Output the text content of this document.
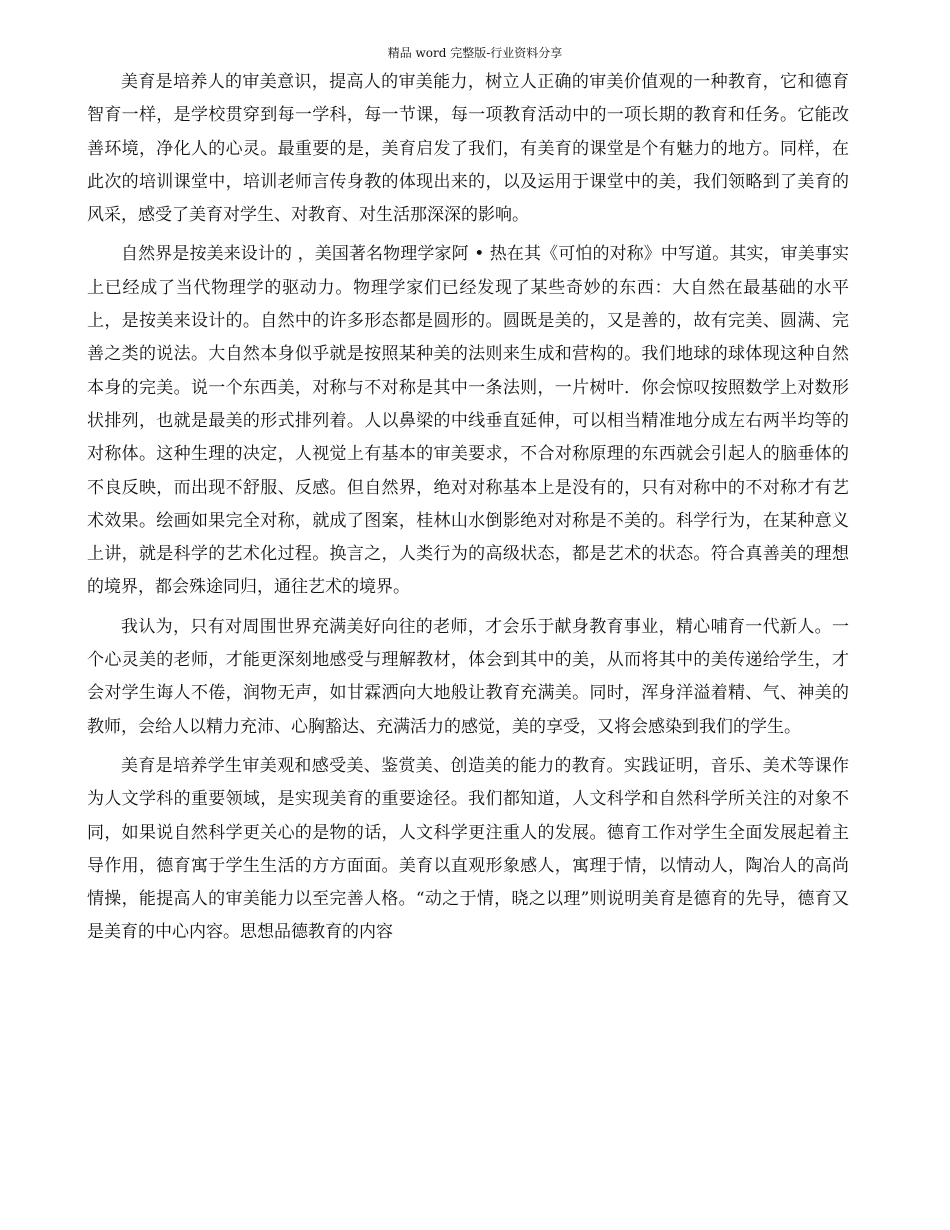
精品 word 完整版-行业资料分享

美育是培养人的审美意识，提高人的审美能力，树立人正确的审美价值观的一种教育，它和德育智育一样，是学校贯穿到每一学科，每一节课，每一项教育活动中的一项长期的教育和任务。它能改善环境，净化人的心灵。最重要的是，美育启发了我们，有美育的课堂是个有魅力的地方。同样，在此次的培训课堂中，培训老师言传身教的体现出来的，以及运用于课堂中的美，我们领略到了美育的风采，感受了美育对学生、对教育、对生活那深深的影响。

自然界是按美来设计的 ，美国著名物理学家阿 • 热在其《可怕的对称》中写道。其实，审美事实上已经成了当代物理学的驱动力。物理学家们已经发现了某些奇妙的东西：大自然在最基础的水平上，是按美来设计的。自然中的许多形态都是圆形的。圆既是美的，又是善的，故有完美、圆满、完善之类的说法。大自然本身似乎就是按照某种美的法则来生成和营构的。我们地球的球体现这种自然本身的完美。说一个东西美，对称与不对称是其中一条法则，一片树叶．你会惊叹按照数学上对数形状排列，也就是最美的形式排列着。人以鼻梁的中线垂直延伸，可以相当精准地分成左右两半均等的对称体。这种生理的决定，人视觉上有基本的审美要求，不合对称原理的东西就会引起人的脑垂体的不良反映，而出现不舒服、反感。但自然界，绝对对称基本上是没有的，只有对称中的不对称才有艺术效果。绘画如果完全对称，就成了图案，桂林山水倒影绝对对称是不美的。科学行为，在某种意义上讲，就是科学的艺术化过程。换言之，人类行为的高级状态，都是艺术的状态。符合真善美的理想的境界，都会殊途同归，通往艺术的境界。

我认为，只有对周围世界充满美好向往的老师，才会乐于献身教育事业，精心哺育一代新人。一个心灵美的老师，才能更深刻地感受与理解教材，体会到其中的美，从而将其中的美传递给学生，才会对学生诲人不倦，润物无声，如甘霖洒向大地般让教育充满美。同时，浑身洋溢着精、气、神美的教师，会给人以精力充沛、心胸豁达、充满活力的感觉，美的享受，又将会感染到我们的学生。

美育是培养学生审美观和感受美、鉴赏美、创造美的能力的教育。实践证明，音乐、美术等课作为人文学科的重要领域，是实现美育的重要途径。我们都知道，人文科学和自然科学所关注的对象不同，如果说自然科学更关心的是物的话，人文科学更注重人的发展。德育工作对学生全面发展起着主导作用，德育寓于学生生活的方方面面。美育以直观形象感人，寓理于情，以情动人，陶冶人的高尚情操，能提高人的审美能力以至完善人格。“动之于情，晓之以理”则说明美育是德育的先导，德育又是美育的中心内容。思想品德教育的内容
